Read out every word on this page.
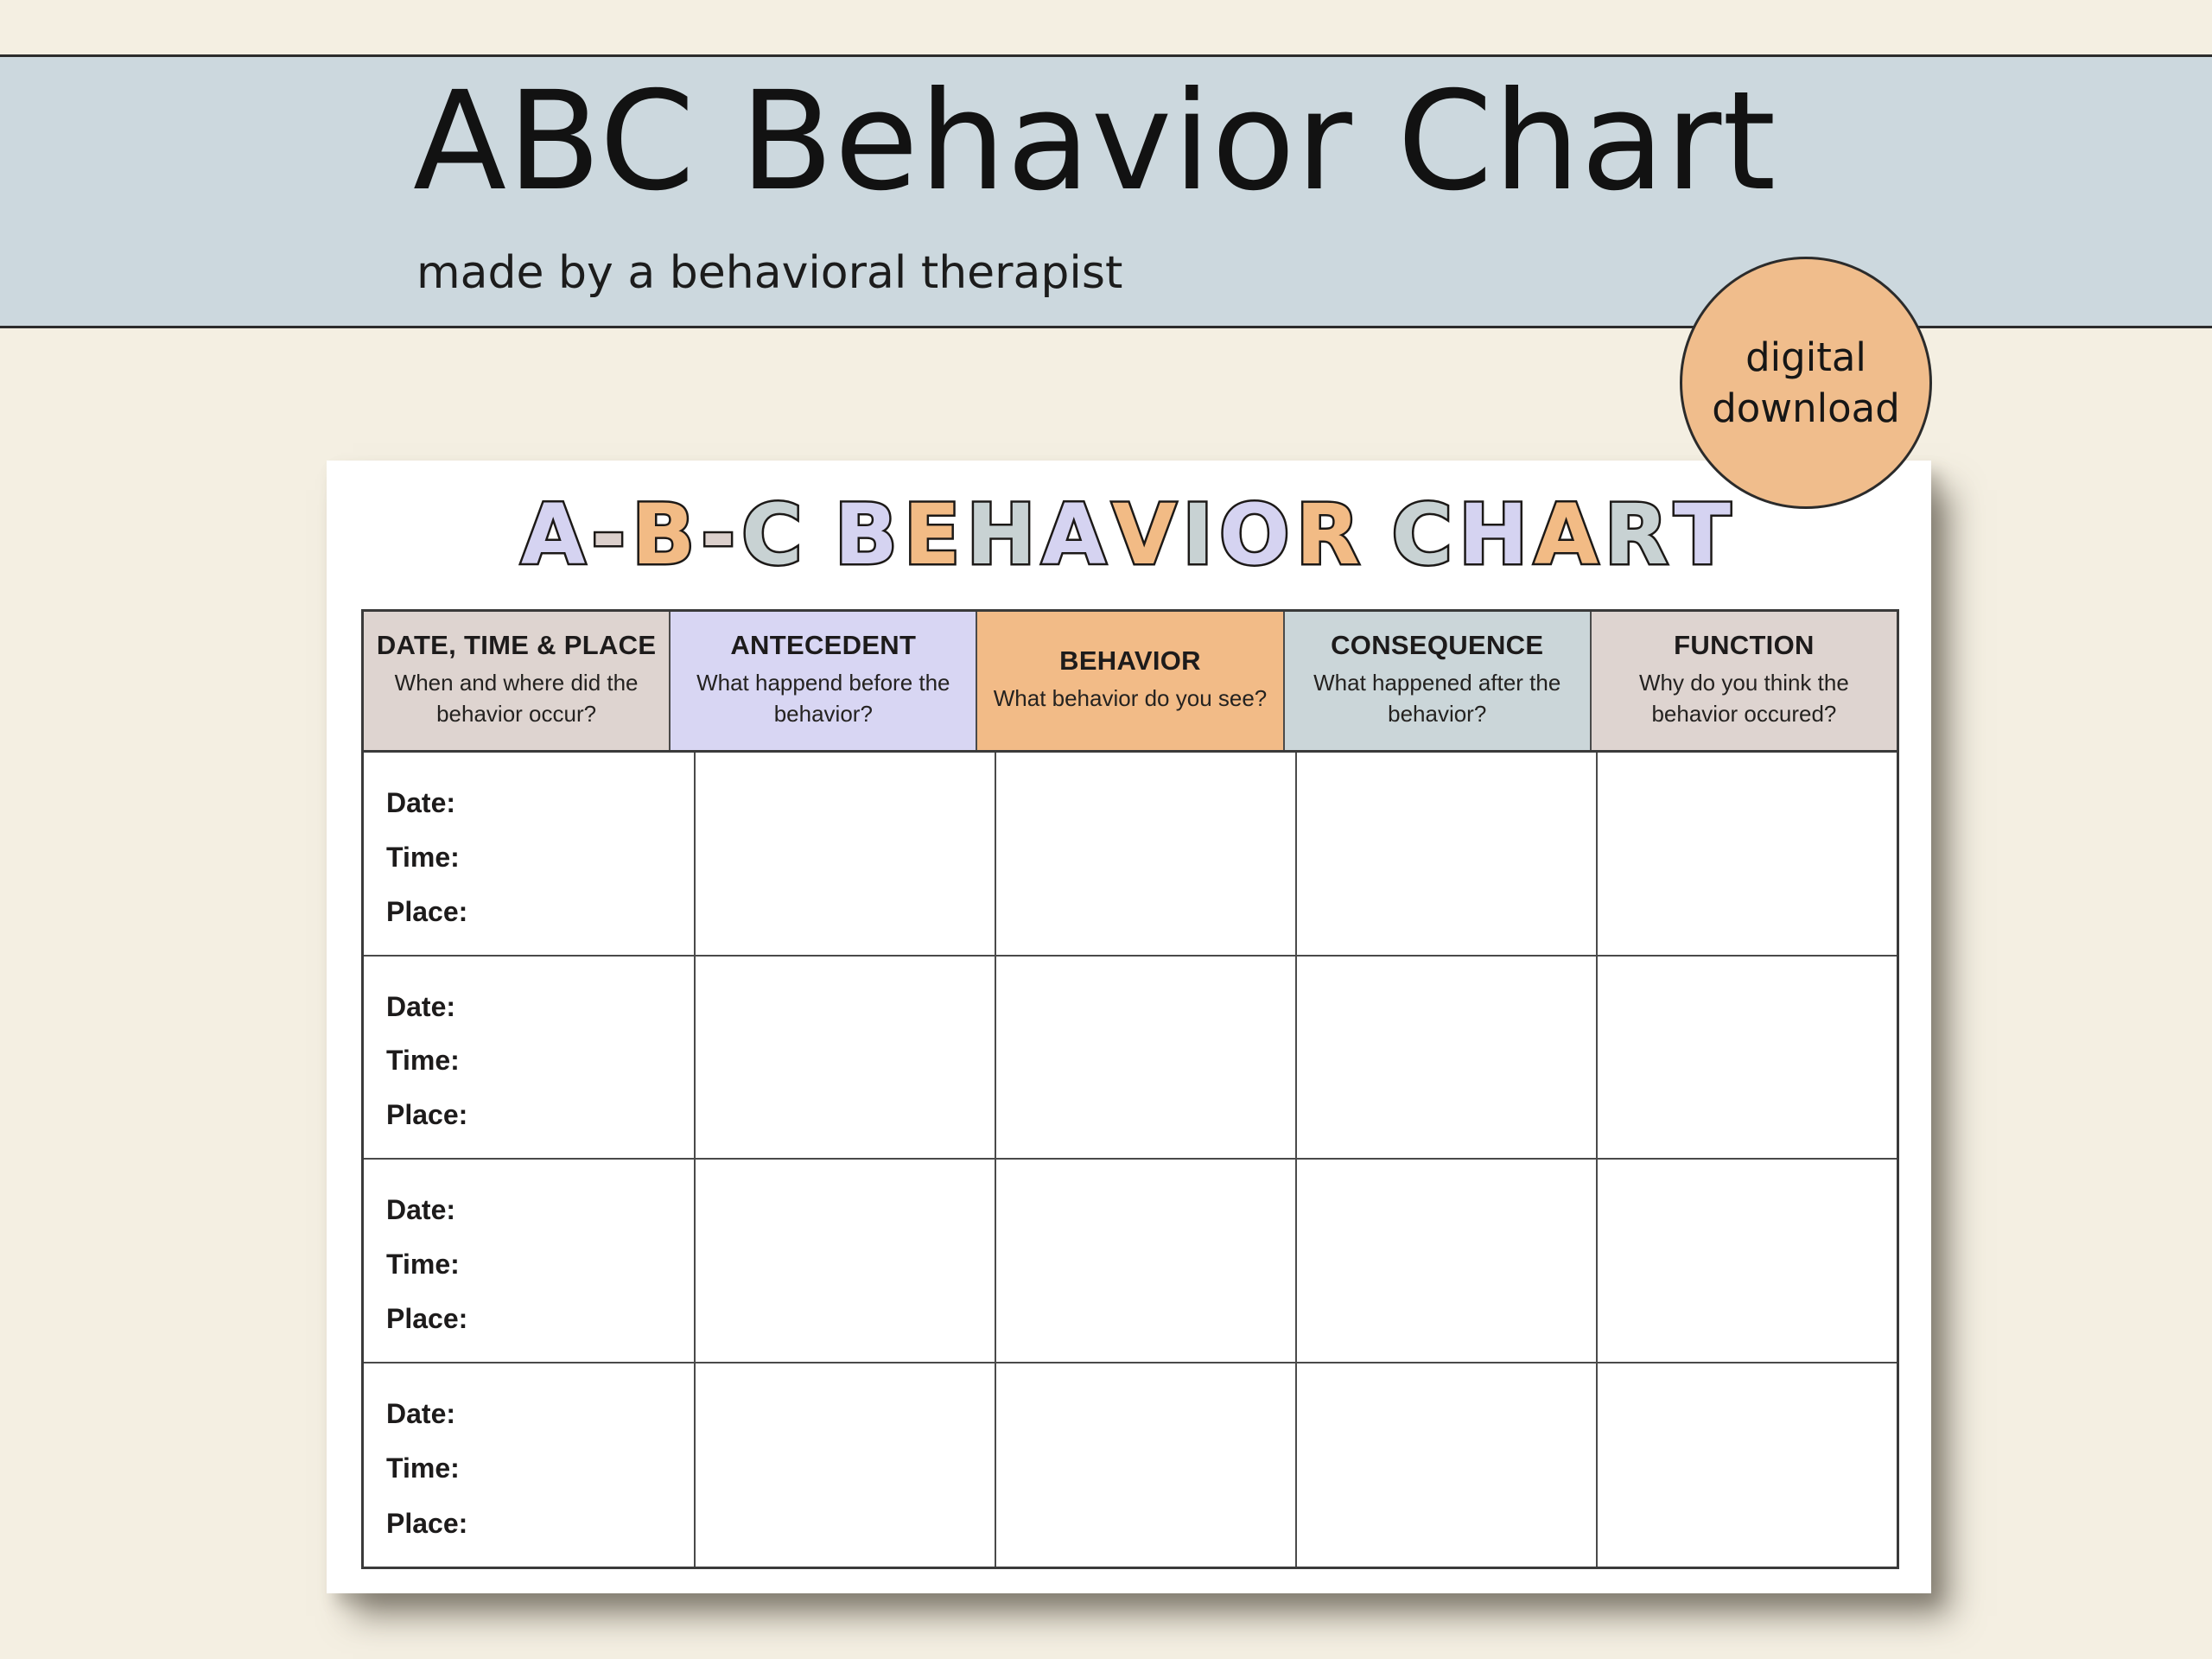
ABC Behavior Chart
made by a behavioral therapist
digital
download
A-B-C BEHAVIOR CHART
DATE, TIME & PLACE
When and where did the behavior occur?
ANTECEDENT
What happend before the behavior?
BEHAVIOR
What behavior do you see?
CONSEQUENCE
What happened after the behavior?
FUNCTION
Why do you think the behavior occured?
Date:
Time:
Place:
Date:
Time:
Place:
Date:
Time:
Place:
Date:
Time:
Place:
